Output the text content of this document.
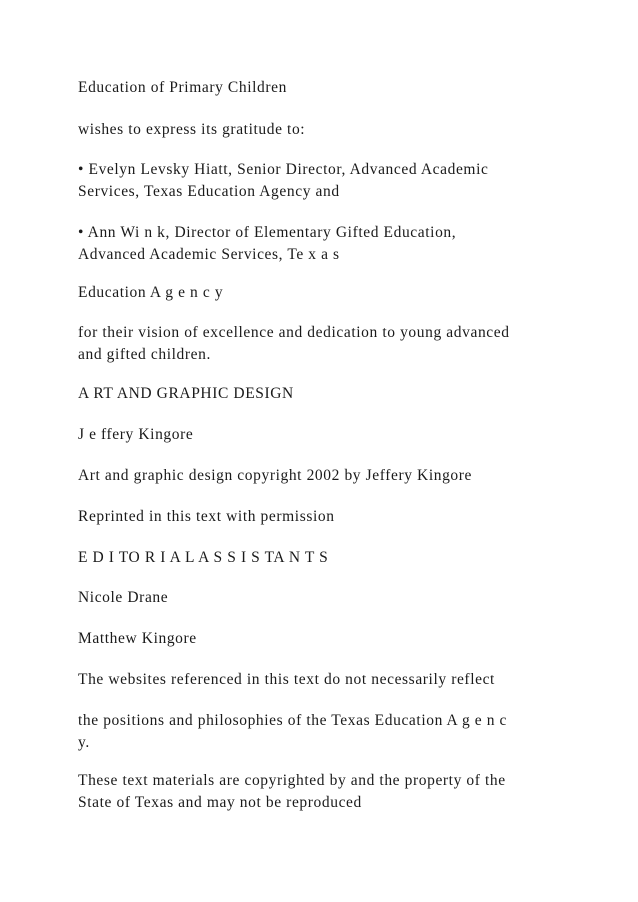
Education of Primary Children

wishes to express its gratitude to:

• Evelyn Levsky Hiatt, Senior Director, Advanced Academic
Services, Texas Education Agency and

• Ann Wi n k, Director of Elementary Gifted Education,
Advanced Academic Services, Te x a s

Education A g e n c y

for their vision of excellence and dedication to young advanced
and gifted children.

A RT AND GRAPHIC DESIGN

J e ffery Kingore

Art and graphic design copyright 2002 by Jeffery Kingore

Reprinted in this text with permission

E D I TO R I A L A S S I S TA N T S

Nicole Drane

Matthew Kingore

The websites referenced in this text do not necessarily reflect

the positions and philosophies of the Texas Education A g e n c
y.

These text materials are copyrighted by and the property of the
State of Texas and may not be reproduced
